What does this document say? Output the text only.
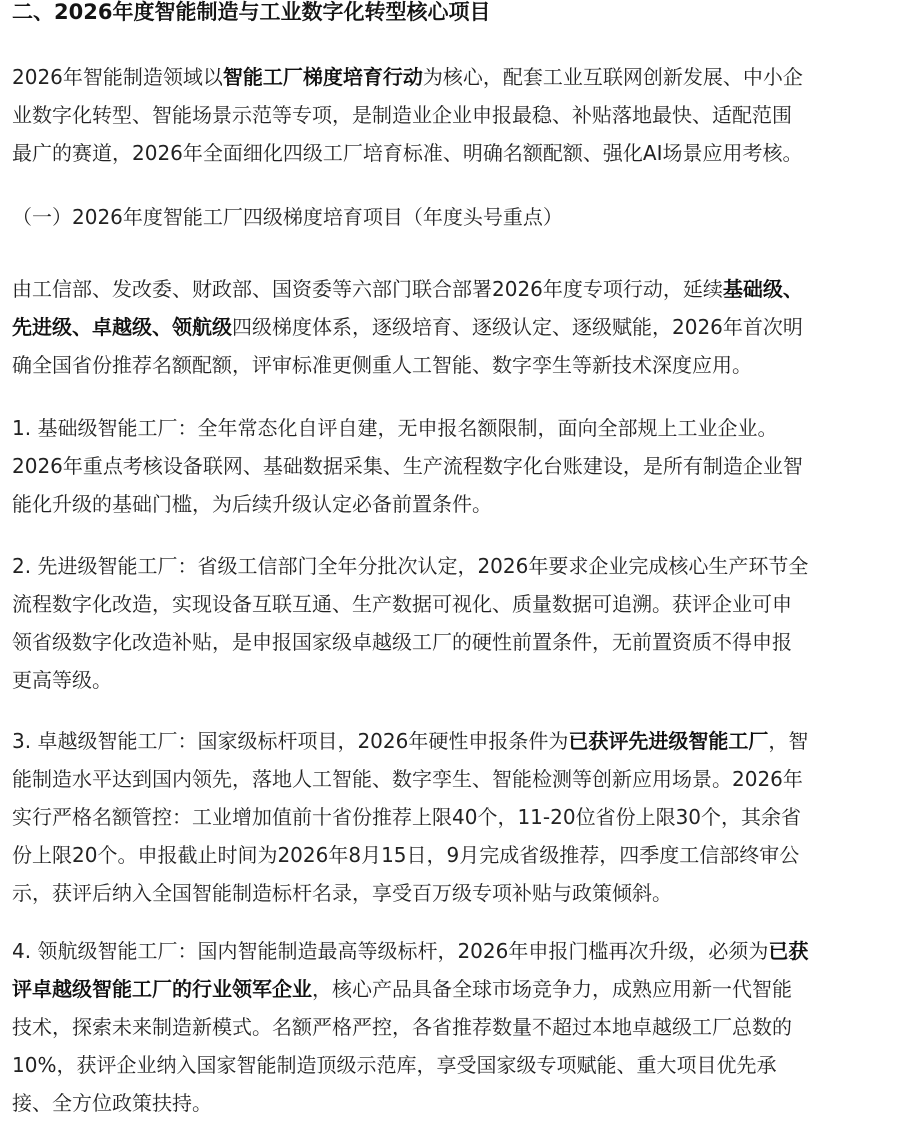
二、2026年度智能制造与工业数字化转型核心项目
2026年智能制造领域以智能工厂梯度培育行动为核心，配套工业互联网创新发展、中小企
业数字化转型、智能场景示范等专项，是制造业企业申报最稳、补贴落地最快、适配范围
最广的赛道，2026年全面细化四级工厂培育标准、明确名额配额、强化AI场景应用考核。
（一）2026年度智能工厂四级梯度培育项目（年度头号重点）
由工信部、发改委、财政部、国资委等六部门联合部署2026年度专项行动，延续基础级、
先进级、卓越级、领航级四级梯度体系，逐级培育、逐级认定、逐级赋能，2026年首次明
确全国省份推荐名额配额，评审标准更侧重人工智能、数字孪生等新技术深度应用。
1. 基础级智能工厂：全年常态化自评自建，无申报名额限制，面向全部规上工业企业。
2026年重点考核设备联网、基础数据采集、生产流程数字化台账建设，是所有制造企业智
能化升级的基础门槛，为后续升级认定必备前置条件。
2. 先进级智能工厂：省级工信部门全年分批次认定，2026年要求企业完成核心生产环节全
流程数字化改造，实现设备互联互通、生产数据可视化、质量数据可追溯。获评企业可申
领省级数字化改造补贴，是申报国家级卓越级工厂的硬性前置条件，无前置资质不得申报
更高等级。
3. 卓越级智能工厂：国家级标杆项目，2026年硬性申报条件为已获评先进级智能工厂，智
能制造水平达到国内领先，落地人工智能、数字孪生、智能检测等创新应用场景。2026年
实行严格名额管控：工业增加值前十省份推荐上限40个，11-20位省份上限30个，其余省
份上限20个。申报截止时间为2026年8月15日，9月完成省级推荐，四季度工信部终审公
示，获评后纳入全国智能制造标杆名录，享受百万级专项补贴与政策倾斜。
4. 领航级智能工厂：国内智能制造最高等级标杆，2026年申报门槛再次升级，必须为已获
评卓越级智能工厂的行业领军企业，核心产品具备全球市场竞争力，成熟应用新一代智能
技术，探索未来制造新模式。名额严格严控，各省推荐数量不超过本地卓越级工厂总数的
10%，获评企业纳入国家智能制造顶级示范库，享受国家级专项赋能、重大项目优先承
接、全方位政策扶持。
